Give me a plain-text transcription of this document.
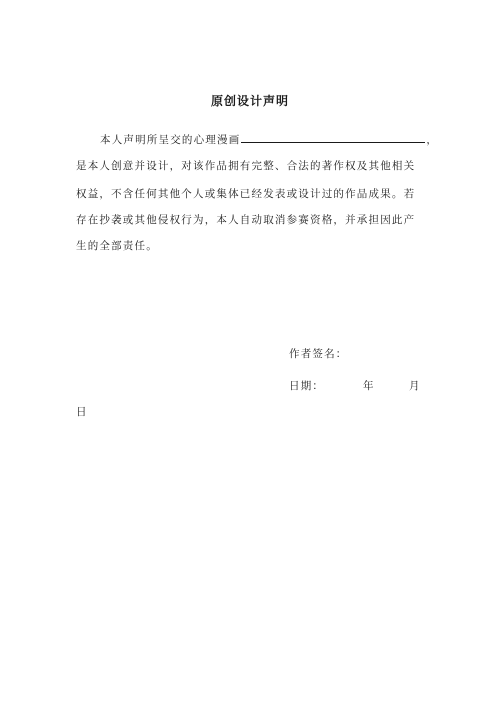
原创设计声明
本人声明所呈交的心理漫画	，
是本人创意并设计，对该作品拥有完整、合法的著作权及其他相关
权益，不含任何其他个人或集体已经发表或设计过的作品成果。若
存在抄袭或其他侵权行为，本人自动取消参赛资格，并承担因此产
生的全部责任。
作者签名：
日期：	年	月
日
